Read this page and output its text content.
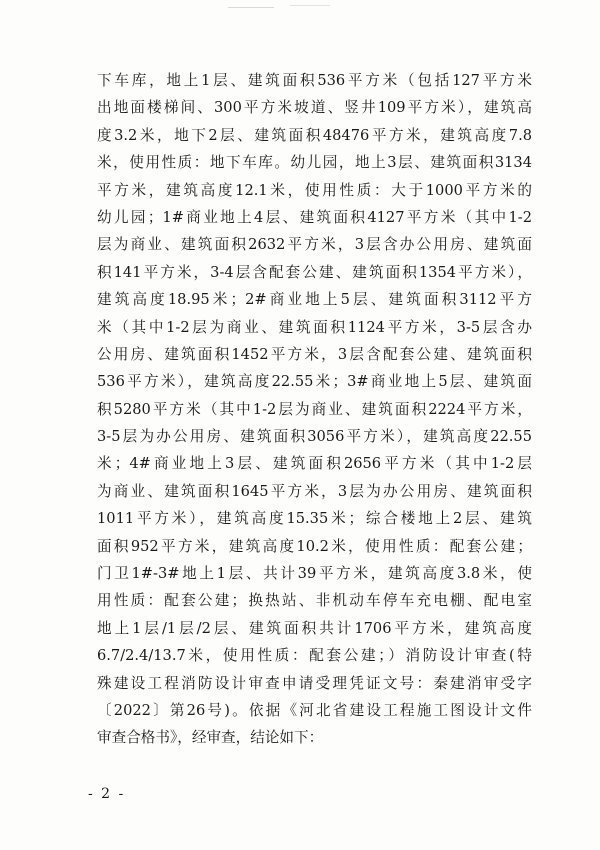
下车库，地上1层、建筑面积536平方米（包括127平方米
出地面楼梯间、300平方米坡道、竖井109平方米），建筑高
度3.2米，地下2层、建筑面积48476平方米，建筑高度7.8
米，使用性质：地下车库。幼儿园，地上3层、建筑面积3134
平方米，建筑高度12.1米，使用性质：大于1000平方米的
幼儿园；1#商业地上4层、建筑面积4127平方米（其中1-2
层为商业、建筑面积2632平方米，3层含办公用房、建筑面
积141平方米，3-4层含配套公建、建筑面积1354平方米），
建筑高度18.95米；2#商业地上5层、建筑面积3112平方
米（其中1-2层为商业、建筑面积1124平方米，3-5层含办
公用房、建筑面积1452平方米，3层含配套公建、建筑面积
536平方米），建筑高度22.55米；3#商业地上5层、建筑面
积5280平方米（其中1-2层为商业、建筑面积2224平方米，
3-5层为办公用房、建筑面积3056平方米），建筑高度22.55
米；4#商业地上3层、建筑面积2656平方米（其中1-2层
为商业、建筑面积1645平方米，3层为办公用房、建筑面积
1011平方米），建筑高度15.35米；综合楼地上2层、建筑
面积952平方米，建筑高度10.2米，使用性质：配套公建；
门卫1#-3#地上1层、共计39平方米，建筑高度3.8米，使
用性质：配套公建；换热站、非机动车停车充电棚、配电室
地上1层/1层/2层、建筑面积共计1706平方米，建筑高度
6.7/2.4/13.7米，使用性质：配套公建；）消防设计审查(特
殊建设工程消防设计审查申请受理凭证文号：秦建消审受字
〔2022〕第26号)。依据《河北省建设工程施工图设计文件
审查合格书》，经审查，结论如下：
- 2 -
